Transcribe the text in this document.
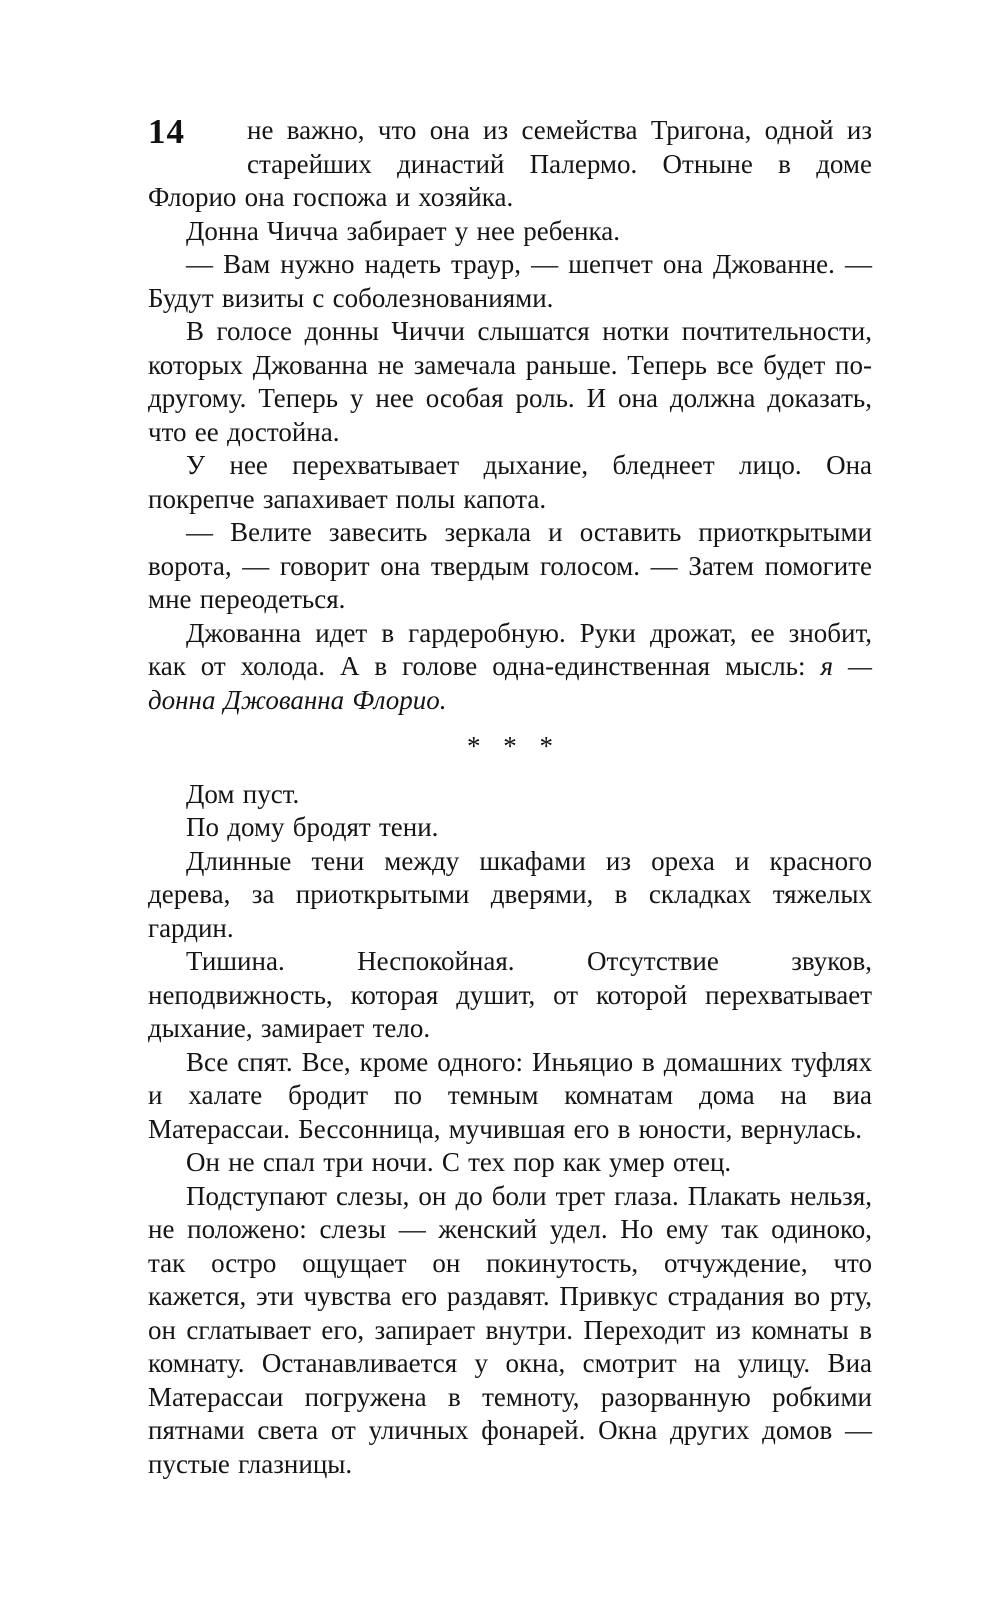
14	не важно, что она из семейства Тригона, одной из старейших династий Палермо. Отныне в доме Флорио она госпожа и хозяйка.

Донна Чичча забирает у нее ребенка.

— Вам нужно надеть траур, — шепчет она Джованне. — Будут визиты с соболезнованиями.

В голосе донны Чиччи слышатся нотки почтительности, которых Джованна не замечала раньше. Теперь все будет по-другому. Теперь у нее особая роль. И она должна доказать, что ее достойна.

У нее перехватывает дыхание, бледнеет лицо. Она покрепче запахивает полы капота.

— Велите завесить зеркала и оставить приоткрытыми ворота, — говорит она твердым голосом. — Затем помогите мне переодеться.

Джованна идет в гардеробную. Руки дрожат, ее знобит, как от холода. А в голове одна-единственная мысль: я — донна Джованна Флорио.

* * *

Дом пуст.

По дому бродят тени.

Длинные тени между шкафами из ореха и красного дерева, за приоткрытыми дверями, в складках тяжелых гардин.

Тишина. Неспокойная. Отсутствие звуков, неподвижность, которая душит, от которой перехватывает дыхание, замирает тело.

Все спят. Все, кроме одного: Иньяцио в домашних туфлях и халате бродит по темным комнатам дома на виа Матерассаи. Бессонница, мучившая его в юности, вернулась.

Он не спал три ночи. С тех пор как умер отец.

Подступают слезы, он до боли трет глаза. Плакать нельзя, не положено: слезы — женский удел. Но ему так одиноко, так остро ощущает он покинутость, отчуждение, что кажется, эти чувства его раздавят. Привкус страдания во рту, он сглатывает его, запирает внутри. Переходит из комнаты в комнату. Останавливается у окна, смотрит на улицу. Виа Матерассаи погружена в темноту, разорванную робкими пятнами света от уличных фонарей. Окна других домов — пустые глазницы.
